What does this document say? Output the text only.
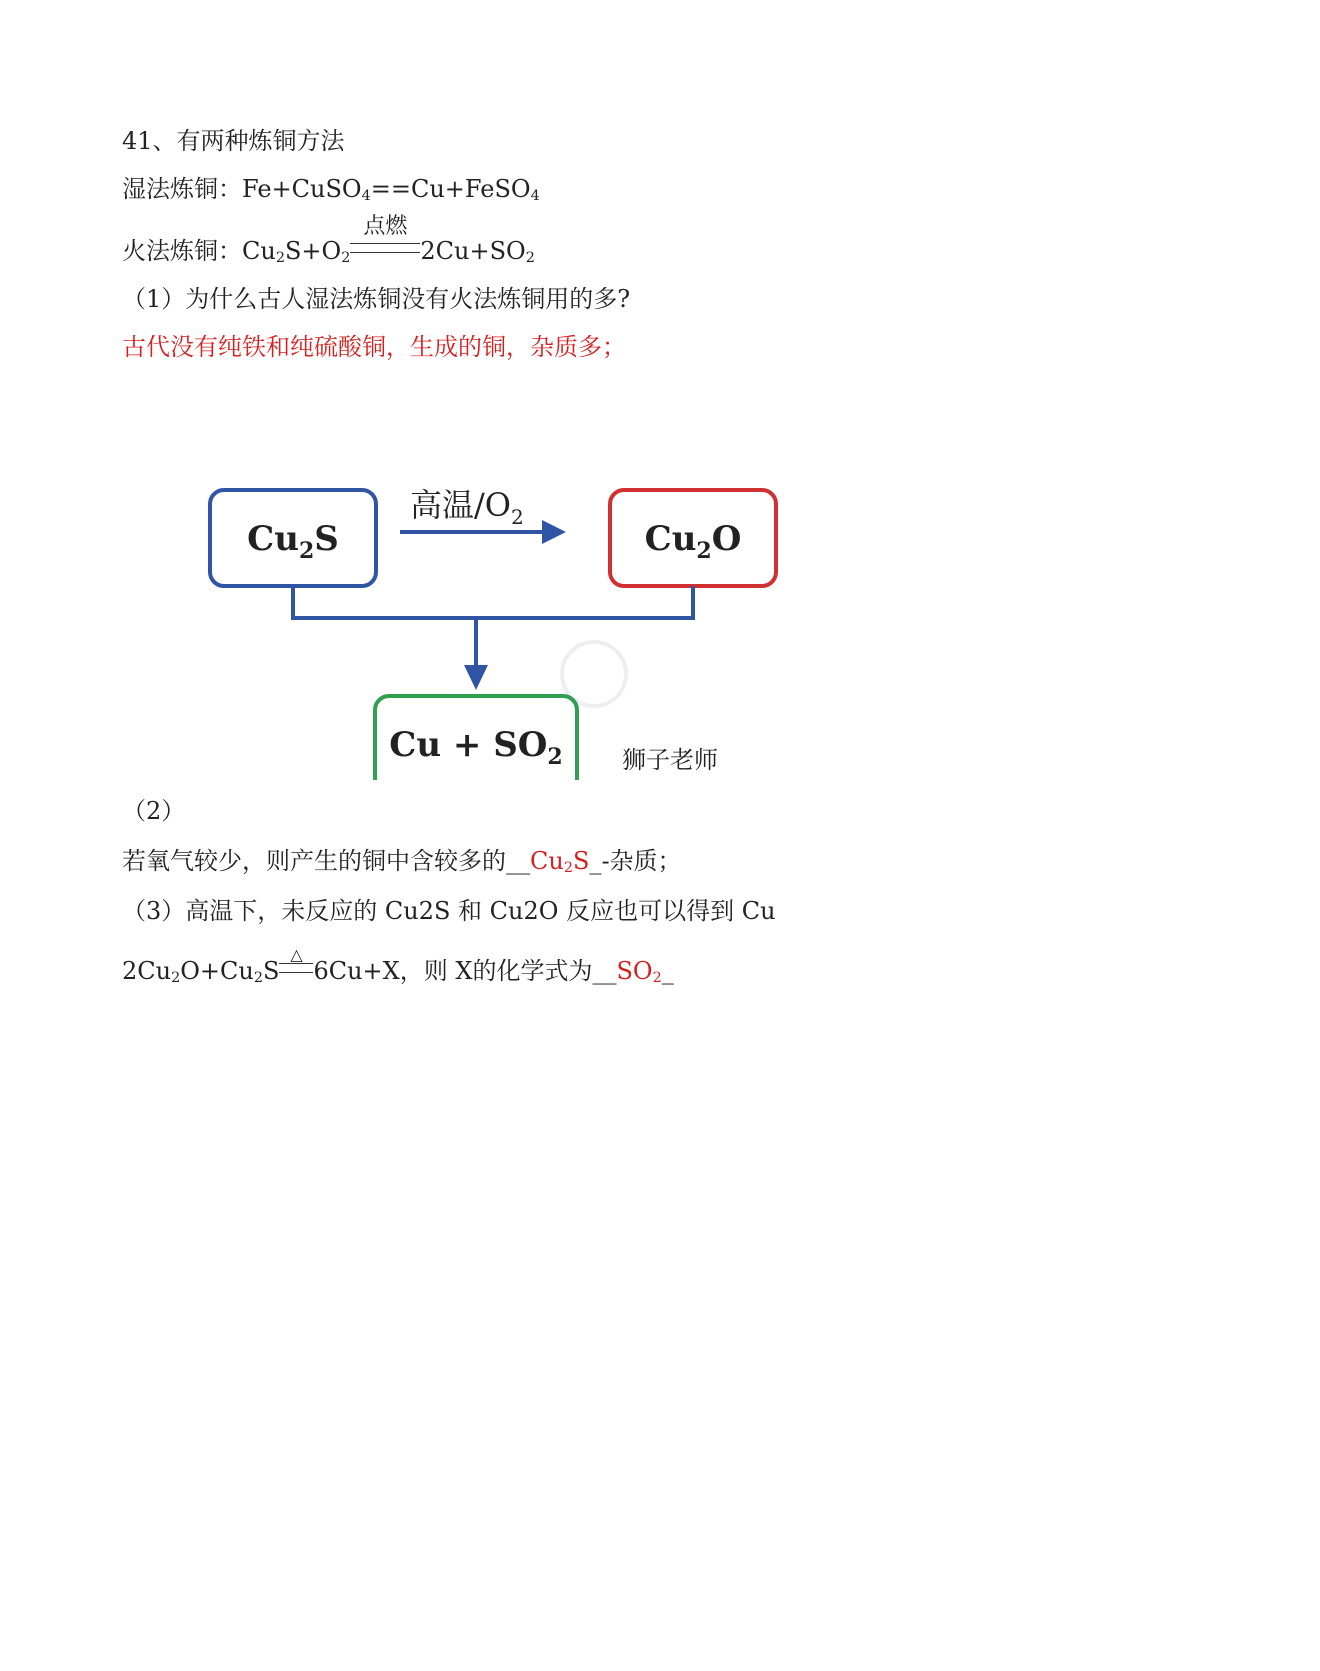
41、有两种炼铜方法
湿法炼铜：Fe+CuSO$_4$==Cu+FeSO$_4$
火法炼铜：$Cu_2S+O_2$
点燃
$2Cu+SO_2$
（1）为什么古人湿法炼铜没有火法炼铜用的多?
古代没有纯铁和纯硫酸铜，生成的铜，杂质多；
$Cu_2S$	$Cu_2O$
高温$/O_2$
$Cu + SO_2$ 狮子老师
（2）
若氧气较少，则产生的铜中含较多的$\_\_Cu_2S\_-$杂质；
（3）高温下，未反应的 Cu2S 和 Cu2O 反应也可以得到 Cu
$2Cu_2O+Cu_2S$
△
6Cu+X，则 X的化学式为$\_\_SO_2\_$
